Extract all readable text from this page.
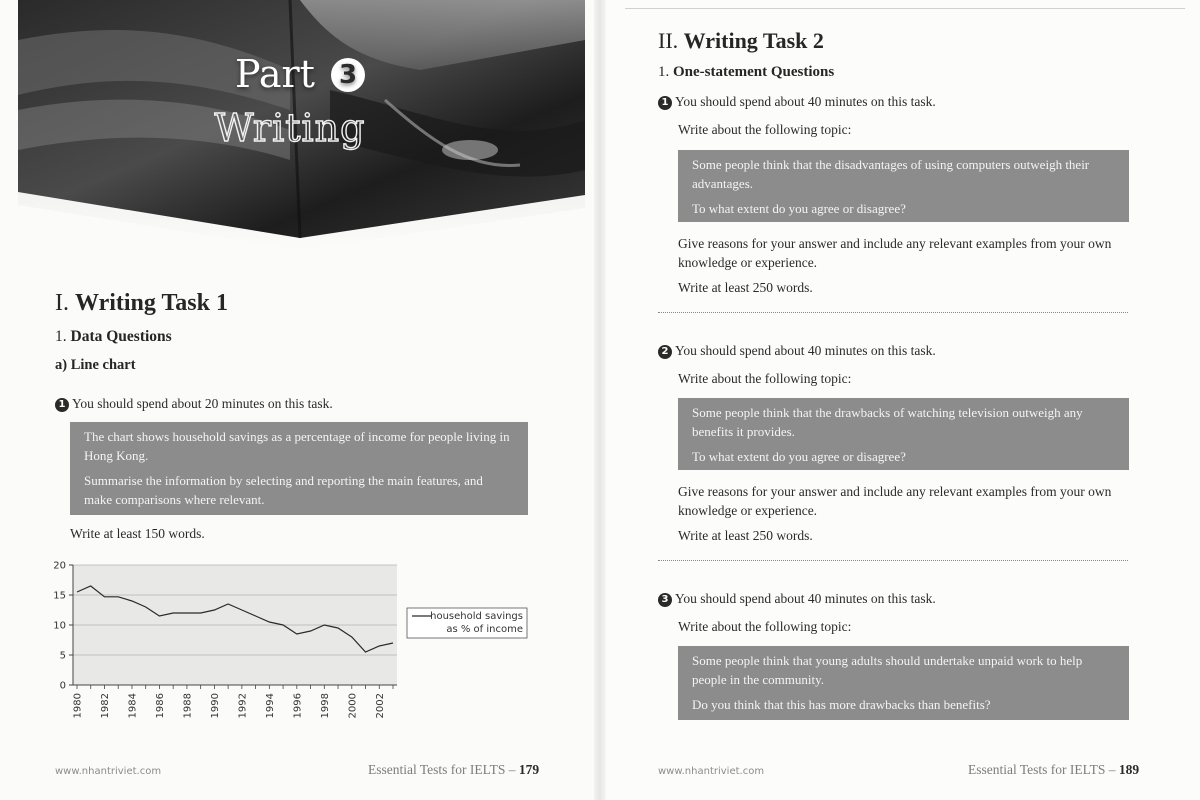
Part 3
Writing
I. Writing Task 1
1. Data Questions
a) Line chart
1 You should spend about 20 minutes on this task.

The chart shows household savings as a percentage of income for people living in Hong Kong.

Summarise the information by selecting and reporting the main features, and make comparisons where relevant.

Write at least 150 words.
0
5
10
15
20
1980 1982 1984 1986 1988 1990 1992 1994 1996 1998 2000 2002
household savings
as % of income
www.nhantriviet.com	Essential Tests for IELTS – 179
II. Writing Task 2
1. One-statement Questions
1 You should spend about 40 minutes on this task.
Write about the following topic:

Some people think that the disadvantages of using computers outweigh their advantages.

To what extent do you agree or disagree?

Give reasons for your answer and include any relevant examples from your own knowledge or experience.
Write at least 250 words.
2 You should spend about 40 minutes on this task.
Write about the following topic:

Some people think that the drawbacks of watching television outweigh any benefits it provides.

To what extent do you agree or disagree?

Give reasons for your answer and include any relevant examples from your own knowledge or experience.
Write at least 250 words.
3 You should spend about 40 minutes on this task.
Write about the following topic:

Some people think that young adults should undertake unpaid work to help people in the community.

Do you think that this has more drawbacks than benefits?

www.nhantriviet.com	Essential Tests for IELTS – 189
